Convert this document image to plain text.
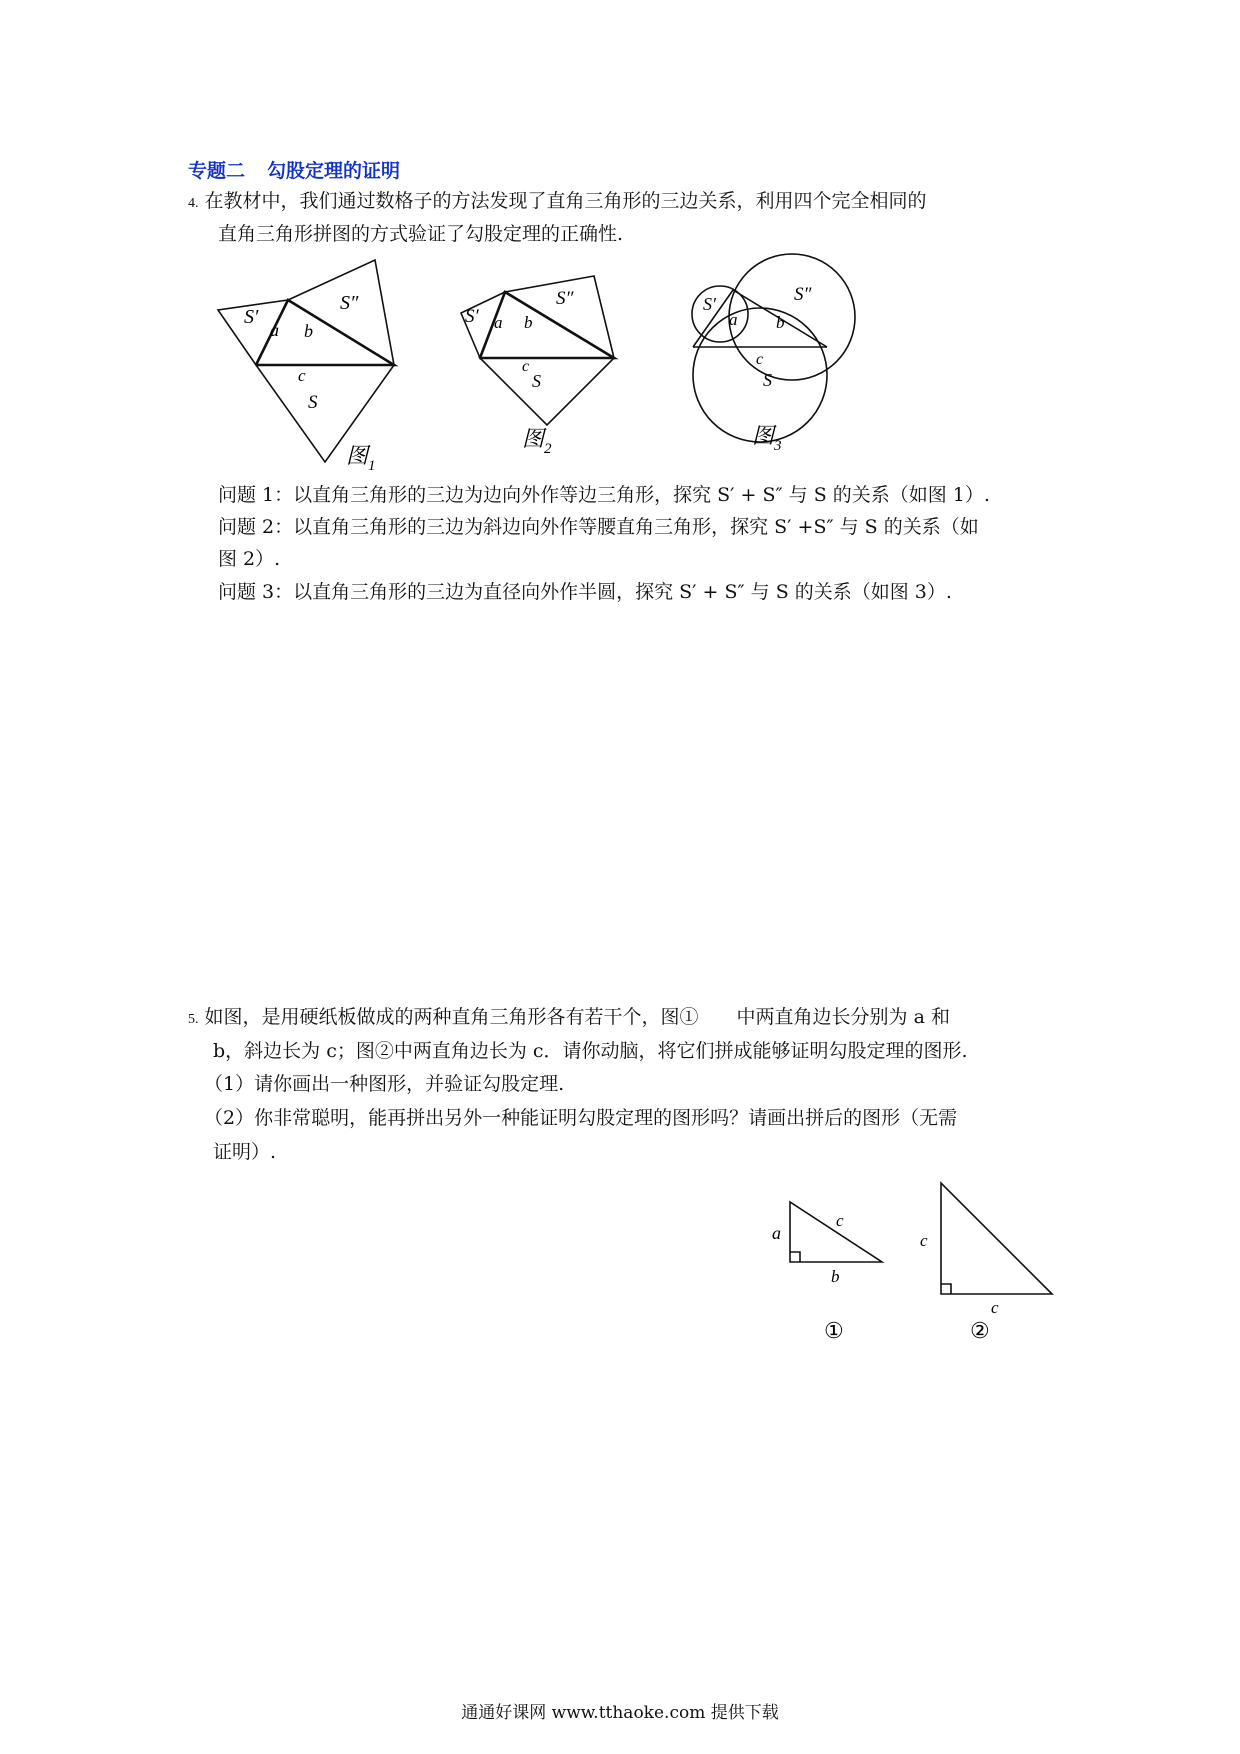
专题二 勾股定理的证明
4. 在教材中，我们通过数格子的方法发现了直角三角形的三边关系，利用四个完全相同的
直角三角形拼图的方式验证了勾股定理的正确性.
S′
S″
a b
c
S
图$_1$
S′
S″
a b
c
S
图$_2$
S′	S″
a b
c
S
图$_3$
问题 1：以直角三角形的三边为边向外作等边三角形，探究 S′ + S″ 与 S 的关系（如图 1）.
问题 2：以直角三角形的三边为斜边向外作等腰直角三角形，探究 S′ +S″ 与 S 的关系（如
图 2）.
问题 3：以直角三角形的三边为直径向外作半圆，探究 S′ + S″ 与 S 的关系（如图 3）.
5. 如图，是用硬纸板做成的两种直角三角形各有若干个，图①　　中两直角边长分别为 a 和
b，斜边长为 c；图②中两直角边长为 c．请你动脑，将它们拼成能够证明勾股定理的图形.
（1）请你画出一种图形，并验证勾股定理.
（2）你非常聪明，能再拼出另外一种能证明勾股定理的图形吗？请画出拼后的图形（无需
证明）.
a
c
b
c
c
①	②
通通好课网 www.tthaoke.com 提供下载
